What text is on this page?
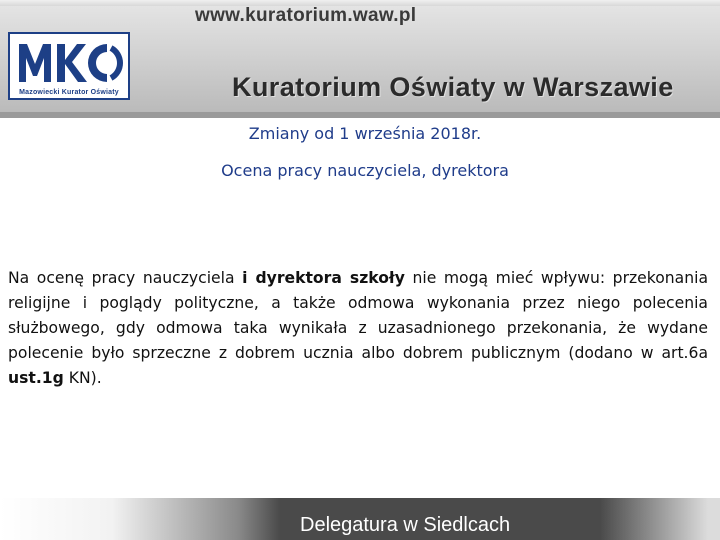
www.kuratorium.waw.pl
Mazowiecki Kurator Oświaty	Kuratorium Oświaty w Warszawie
Zmiany od 1 września 2018r.
Ocena pracy nauczyciela, dyrektora

Na ocenę pracy nauczyciela i dyrektora szkoły nie mogą mieć wpływu: przekonania religijne i poglądy polityczne, a także odmowa wykonania przez niego polecenia służbowego, gdy odmowa taka wynikała z uzasadnionego przekonania, że wydane polecenie było sprzeczne z dobrem ucznia albo dobrem publicznym (dodano w art.6a ust.1g KN).

Delegatura w Siedlcach
